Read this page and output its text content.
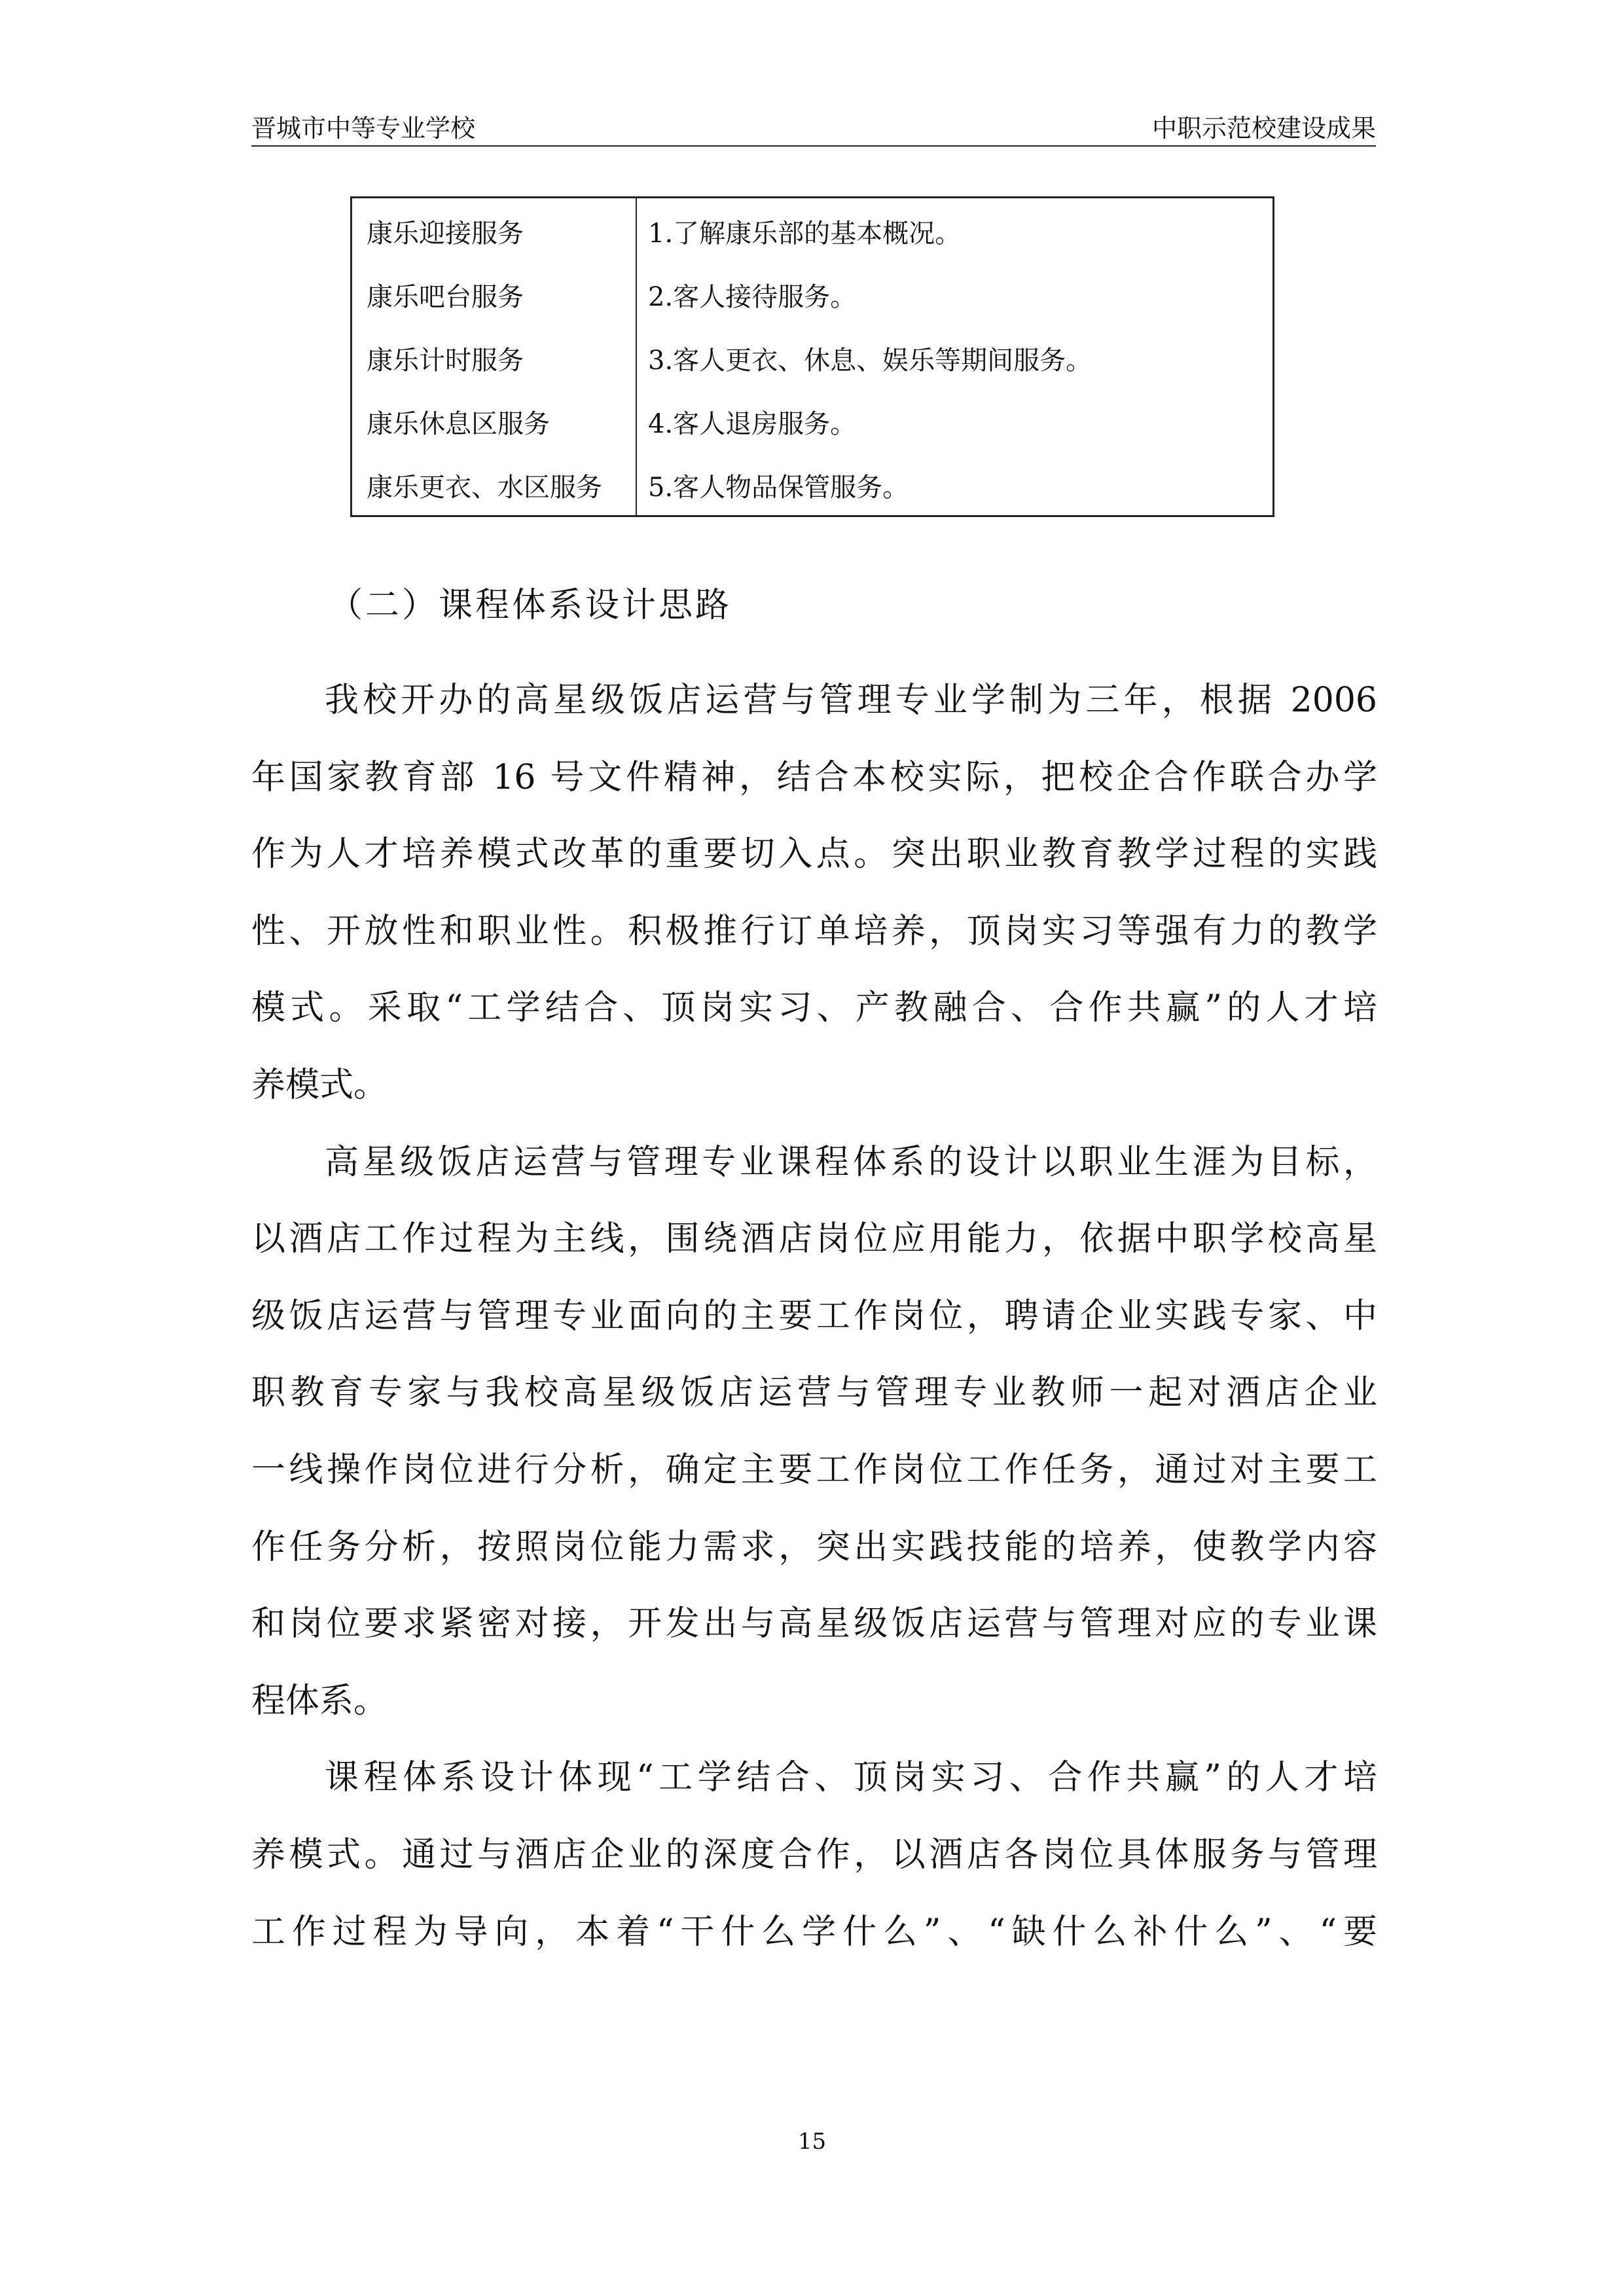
晋城市中等专业学校	中职示范校建设成果
康乐迎接服务
康乐吧台服务
康乐计时服务
康乐休息区服务
康乐更衣、水区服务
1.了解康乐部的基本概况。
2.客人接待服务。
3.客人更衣、休息、娱乐等期间服务。
4.客人退房服务。
5.客人物品保管服务。
（二）课程体系设计思路
我校开办的高星级饭店运营与管理专业学制为三年，根据 2006
年国家教育部 16 号文件精神，结合本校实际，把校企合作联合办学
作为人才培养模式改革的重要切入点。突出职业教育教学过程的实践
性、开放性和职业性。积极推行订单培养，顶岗实习等强有力的教学
模式。采取“工学结合、顶岗实习、产教融合、合作共赢”的人才培
养模式。
高星级饭店运营与管理专业课程体系的设计以职业生涯为目标，
以酒店工作过程为主线，围绕酒店岗位应用能力，依据中职学校高星
级饭店运营与管理专业面向的主要工作岗位，聘请企业实践专家、中
职教育专家与我校高星级饭店运营与管理专业教师一起对酒店企业
一线操作岗位进行分析，确定主要工作岗位工作任务，通过对主要工
作任务分析，按照岗位能力需求，突出实践技能的培养，使教学内容
和岗位要求紧密对接，开发出与高星级饭店运营与管理对应的专业课
程体系。
课程体系设计体现“工学结合、顶岗实习、合作共赢”的人才培
养模式。通过与酒店企业的深度合作，以酒店各岗位具体服务与管理
工作过程为导向，本着“干什么学什么”、“缺什么补什么”、“要
15
